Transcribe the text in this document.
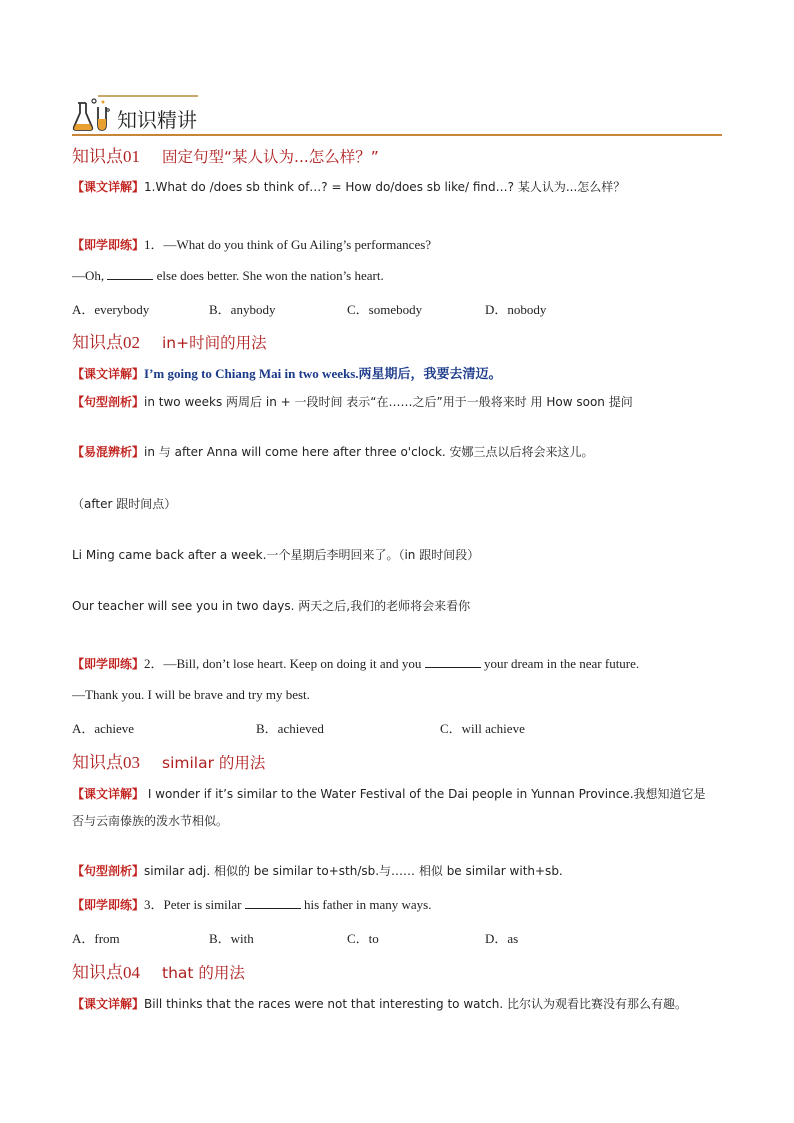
知识精讲
知识点01 固定句型“某人认为...怎么样？”
【课文详解】1.What do /does sb think of…? = How do/does sb like/ find…? 某人认为...怎么样？
【即学即练】1．—What do you think of Gu Ailing’s performances?
—Oh,	else does better. She won the nation’s heart.
A．everybody	B．anybody	C．somebody	D．nobody
知识点02 in+时间的用法
【课文详解】I’m going to Chiang Mai in two weeks.两星期后，我要去清迈。
【句型剖析】in two weeks 两周后 in + 一段时间 表示“在……之后”用于一般将来时 用 How soon 提问
【易混辨析】in 与 after Anna will come here after three o'clock. 安娜三点以后将会来这儿。
（after 跟时间点）
Li Ming came back after a week.一个星期后李明回来了。（in 跟时间段）
Our teacher will see you in two days. 两天之后,我们的老师将会来看你
【即学即练】2．—Bill, don’t lose heart. Keep on doing it and you	your dream in the near future.
—Thank you. I will be brave and try my best.
A．achieve	B．achieved	C．will achieve
知识点03 similar 的用法
【课文详解】 I wonder if it’s similar to the Water Festival of the Dai people in Yunnan Province.我想知道它是
否与云南傣族的泼水节相似。
【句型剖析】similar adj. 相似的 be similar to+sth/sb.与…… 相似 be similar with+sb.
【即学即练】3．Peter is similar	his father in many ways.
A．from	B．with	C．to	D．as
知识点04 that 的用法
【课文详解】Bill thinks that the races were not that interesting to watch. 比尔认为观看比赛没有那么有趣。
